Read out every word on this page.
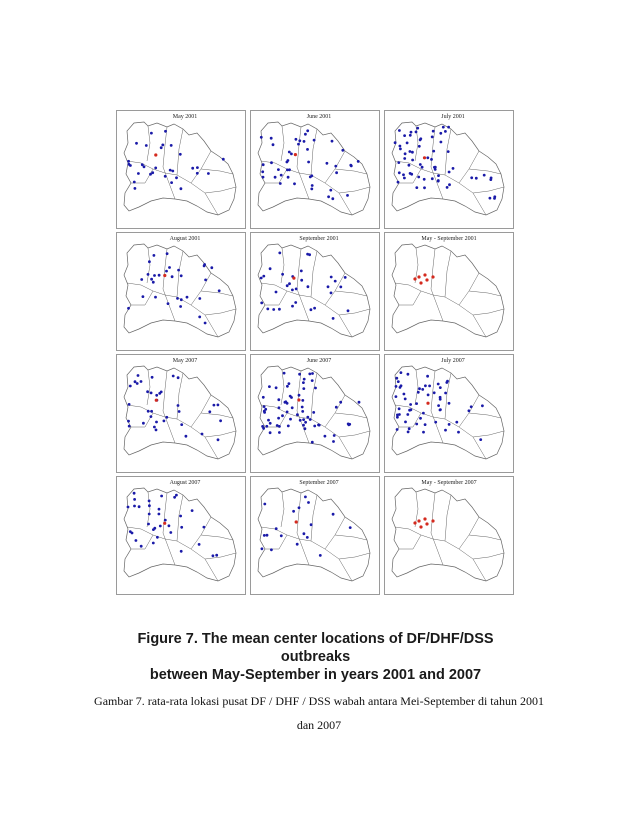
May 2001	June 2001	July 2001
August 2001	September 2001	May - September 2001
May 2007	June 2007	July 2007
August 2007	September 2007	May - September 2007
Figure 7. The mean center locations of DF/DHF/DSS outbreaks
between May-September in years 2001 and 2007
Gambar 7. rata-rata lokasi pusat DF / DHF / DSS wabah antara Mei-September di tahun 2001
dan 2007
